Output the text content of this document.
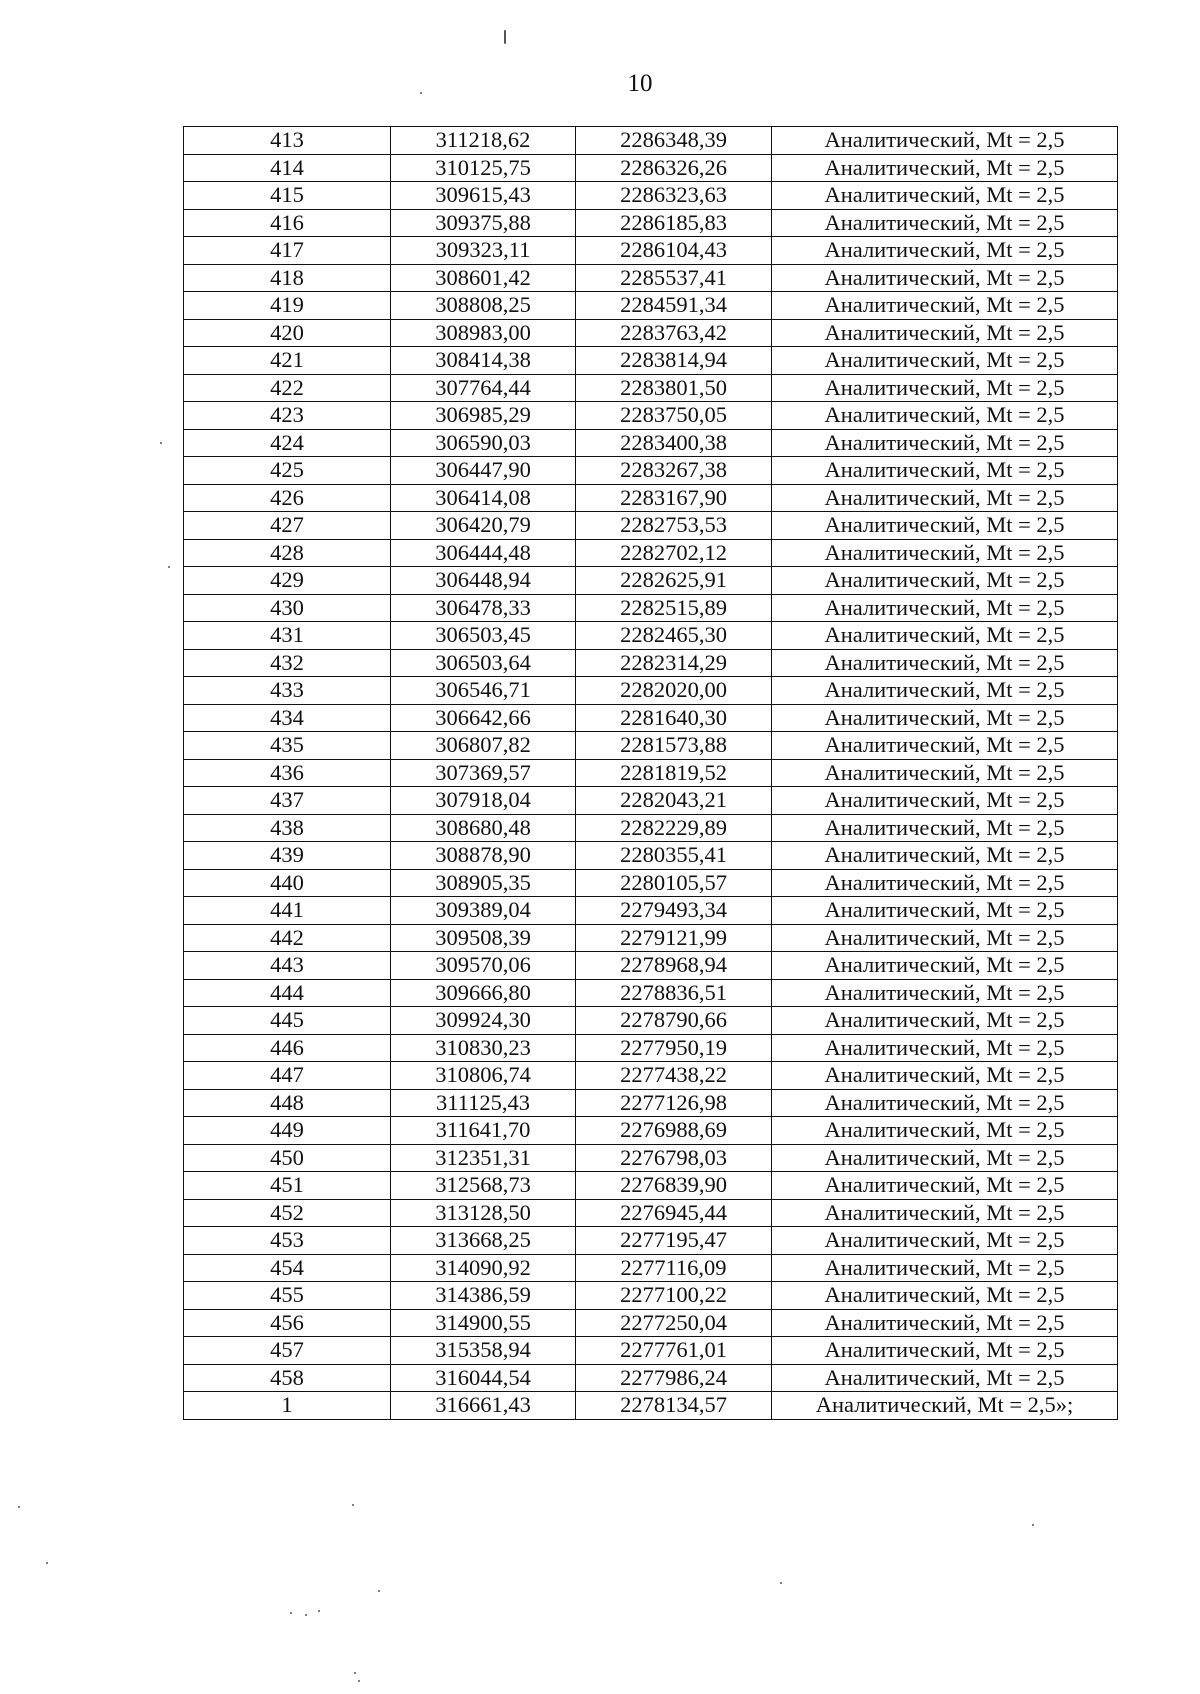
10
413	311218,62	2286348,39	Аналитический, Mt = 2,5
414	310125,75	2286326,26	Аналитический, Mt = 2,5
415	309615,43	2286323,63	Аналитический, Mt = 2,5
416	309375,88	2286185,83	Аналитический, Mt = 2,5
417	309323,11	2286104,43	Аналитический, Mt = 2,5
418	308601,42	2285537,41	Аналитический, Mt = 2,5
419	308808,25	2284591,34	Аналитический, Mt = 2,5
420	308983,00	2283763,42	Аналитический, Mt = 2,5
421	308414,38	2283814,94	Аналитический, Mt = 2,5
422	307764,44	2283801,50	Аналитический, Mt = 2,5
423	306985,29	2283750,05	Аналитический, Mt = 2,5
424	306590,03	2283400,38	Аналитический, Mt = 2,5
425	306447,90	2283267,38	Аналитический, Mt = 2,5
426	306414,08	2283167,90	Аналитический, Mt = 2,5
427	306420,79	2282753,53	Аналитический, Mt = 2,5
428	306444,48	2282702,12	Аналитический, Mt = 2,5
429	306448,94	2282625,91	Аналитический, Mt = 2,5
430	306478,33	2282515,89	Аналитический, Mt = 2,5
431	306503,45	2282465,30	Аналитический, Mt = 2,5
432	306503,64	2282314,29	Аналитический, Mt = 2,5
433	306546,71	2282020,00	Аналитический, Mt = 2,5
434	306642,66	2281640,30	Аналитический, Mt = 2,5
435	306807,82	2281573,88	Аналитический, Mt = 2,5
436	307369,57	2281819,52	Аналитический, Mt = 2,5
437	307918,04	2282043,21	Аналитический, Mt = 2,5
438	308680,48	2282229,89	Аналитический, Mt = 2,5
439	308878,90	2280355,41	Аналитический, Mt = 2,5
440	308905,35	2280105,57	Аналитический, Mt = 2,5
441	309389,04	2279493,34	Аналитический, Mt = 2,5
442	309508,39	2279121,99	Аналитический, Mt = 2,5
443	309570,06	2278968,94	Аналитический, Mt = 2,5
444	309666,80	2278836,51	Аналитический, Mt = 2,5
445	309924,30	2278790,66	Аналитический, Mt = 2,5
446	310830,23	2277950,19	Аналитический, Mt = 2,5
447	310806,74	2277438,22	Аналитический, Mt = 2,5
448	311125,43	2277126,98	Аналитический, Mt = 2,5
449	311641,70	2276988,69	Аналитический, Mt = 2,5
450	312351,31	2276798,03	Аналитический, Mt = 2,5
451	312568,73	2276839,90	Аналитический, Mt = 2,5
452	313128,50	2276945,44	Аналитический, Mt = 2,5
453	313668,25	2277195,47	Аналитический, Mt = 2,5
454	314090,92	2277116,09	Аналитический, Mt = 2,5
455	314386,59	2277100,22	Аналитический, Mt = 2,5
456	314900,55	2277250,04	Аналитический, Mt = 2,5
457	315358,94	2277761,01	Аналитический, Mt = 2,5
458	316044,54	2277986,24	Аналитический, Mt = 2,5
1	316661,43	2278134,57	Аналитический, Mt = 2,5»;
